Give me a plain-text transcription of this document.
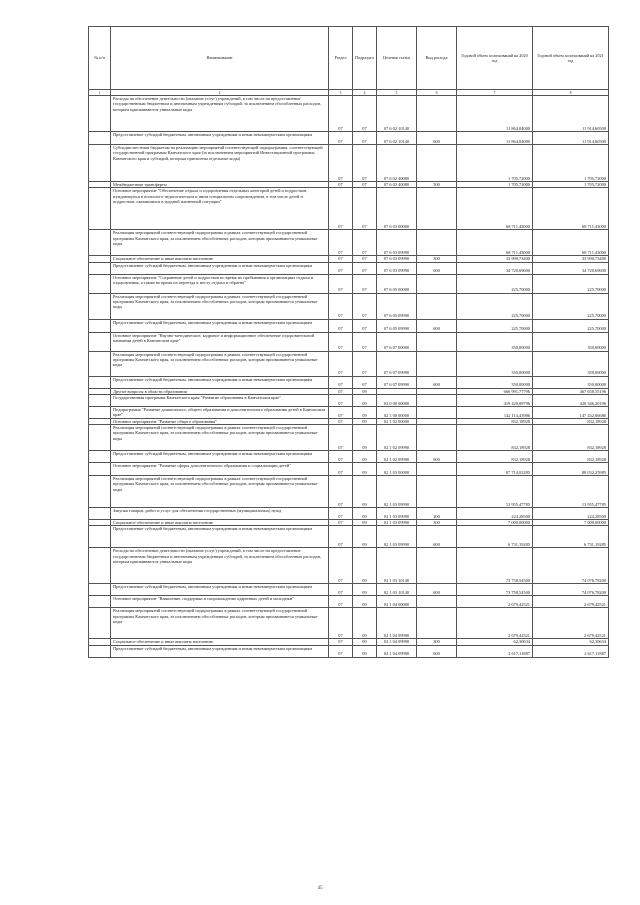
№ п/п	Наименование	Раздел	Подраздел	Целевая статья	Вид расхода	Годовой объем ассигнований на 2020 год	Годовой объем ассигнований на 2021 год
1	2	3	4	5	6	7	8
	Расходы на обеспечение деятельности (оказание услуг) учреждений, в том числе на предоставление государственным бюджетным и автономным учреждениям субсидий, за исключением обособленных расходов, которым присваиваются уникальные коды	07	07	07 6 02 10140		11 864,04000	11 914,60500
	Предоставление субсидий бюджетным, автономным учреждениям и иным некоммерческим организациям	07	07	07 6 02 10140	600	11 864,04000	11 914,60500
	Субсидии местным бюджетам на реализацию мероприятий соответствующей подпрограммы, соответствующей государственной программы Камчатского края (за исключением мероприятий Инвестиционной программы Камчатского края и субсидий, которым присвоены отдельные коды)	07	07	07 6 02 40080		1 705,72000	1 705,72000
	Межбюджетные трансферты	07	07	07 6 02 40080	500	1 705,72000	1 705,72000
	Основное мероприятие "Обеспечение отдыха и оздоровления отдельных категорий детей и подростков, нуждающихся в психолого-педагогическом и ином специальном сопровождении, в том числе детей и подростков, оказавшихся в трудной жизненной ситуации"	07	07	07 6 03 00000		68 711,43000	68 711,43000
	Реализация мероприятий соответствующей подпрограммы в рамках соответствующей государственной программы Камчатского края, за исключением обособленных расходов, которым присваиваются уникальные коды	07	07	07 6 03 09990		68 711,43000	68 711,43000
	Социальное обеспечение и иные выплаты населению	07	07	07 6 03 09990	300	33 990,73400	33 990,73400
	Предоставление субсидий бюджетным, автономным учреждениям и иным некоммерческим организациям	07	07	07 6 03 09990	600	34 720,69600	34 720,69600
	Основное мероприятие "Сохранение детей и подростков во время их пребывания в организациях отдыха и оздоровления, а также во время их переезда к месту отдыха и обратно"	07	07	07 6 05 00000		225,70000	225,70000
	Реализация мероприятий соответствующей подпрограммы в рамках соответствующей государственной программы Камчатского края, за исключением обособленных расходов, которым присваиваются уникальные коды	07	07	07 6 05 09990		225,70000	225,70000
	Предоставление субсидий бюджетным, автономным учреждениям и иным некоммерческим организациям	07	07	07 6 05 09990	600	225,70000	225,70000
	Основное мероприятие "Научно-методическое, кадровое и информационное обеспечение оздоровительной кампании детей в Камчатском крае"	07	07	07 6 07 00000		350,00000	350,00000
	Реализация мероприятий соответствующей подпрограммы в рамках соответствующей государственной программы Камчатского края, за исключением обособленных расходов, которым присваиваются уникальные коды	07	07	07 6 07 09990		350,00000	350,00000
	Предоставление субсидий бюджетным, автономным учреждениям и иным некоммерческим организациям	07	07	07 6 07 09990	600	350,00000	350,00000
	Другие вопросы в области образования	07	09			666 991,77796	467 658,55196
	Государственная программа Камчатского края "Развитие образования в Камчатском крае"	07	09	02 0 00 00000		419 420,08796	420 346,20196
	Подпрограмма "Развитие дошкольного, общего образования и дополнительного образования детей в Камчатском крае"	07	09	02 1 00 00000		142 114,43986	147 432,06686
	Основное мероприятие "Развитие общего образования"	07	09	02 1 02 00000		832,18928	832,18928
	Реализация мероприятий соответствующей подпрограммы в рамках соответствующей государственной программы Камчатского края, за исключением обособленных расходов, которым присваиваются уникальные коды	07	09	02 1 02 09990		832,18928	832,18928
	Предоставление субсидий бюджетным, автономным учреждениям и иным некоммерческим организациям	07	09	02 1 02 09990	600	832,18928	832,18928
	Основное мероприятие "Развитие сферы дополнительного образования и социализации детей"	07	09	02 1 03 00000		87 714,02285	88 032,25985
	Реализация мероприятий соответствующей подпрограммы в рамках соответствующей государственной программы Камчатского края, за исключением обособленных расходов, которым присваиваются уникальные коды	07	09	02 1 03 09990		13 955,47785	13 955,47785
	Закупка товаров, работ и услуг для обеспечения государственных (муниципальных) нужд	07	09	02 1 03 09990	200	224,28500	224,28500
	Социальное обеспечение и иные выплаты населению	07	09	02 1 03 09990	300	7 000,00000	7 000,00000
	Предоставление субсидий бюджетным, автономным учреждениям и иным некоммерческим организациям	07	09	02 1 03 09990	600	6 731,19285	6 731,19285
	Расходы на обеспечение деятельности (оказание услуг) учреждений, в том числе на предоставление государственным бюджетным и автономным учреждениям субсидий, за исключением обособленных расходов, которым присваиваются уникальные коды	07	09	02 1 03 10140		73 758,54500	74 076,78200
	Предоставление субсидий бюджетным, автономным учреждениям и иным некоммерческим организациям	07	09	02 1 03 10140	600	73 758,54500	74 076,78200
	Основное мероприятие "Выявление, поддержка и сопровождение одаренных детей и молодежи"	07	09	02 1 04 00000		2 679,42521	2 679,42521
	Реализация мероприятий соответствующей подпрограммы в рамках соответствующей государственной программы Камчатского края, за исключением обособленных расходов, которым присваиваются уникальные коды	07	09	02 1 04 09990		2 679,42521	2 679,42521
	Социальное обеспечение и иные выплаты населению	07	09	02 1 04 09990	300	62,30634	62,30634
	Предоставление субсидий бюджетным, автономным учреждениям и иным некоммерческим организациям	07	09	02 1 04 09990	600	2 617,11887	2 617,11887
45
